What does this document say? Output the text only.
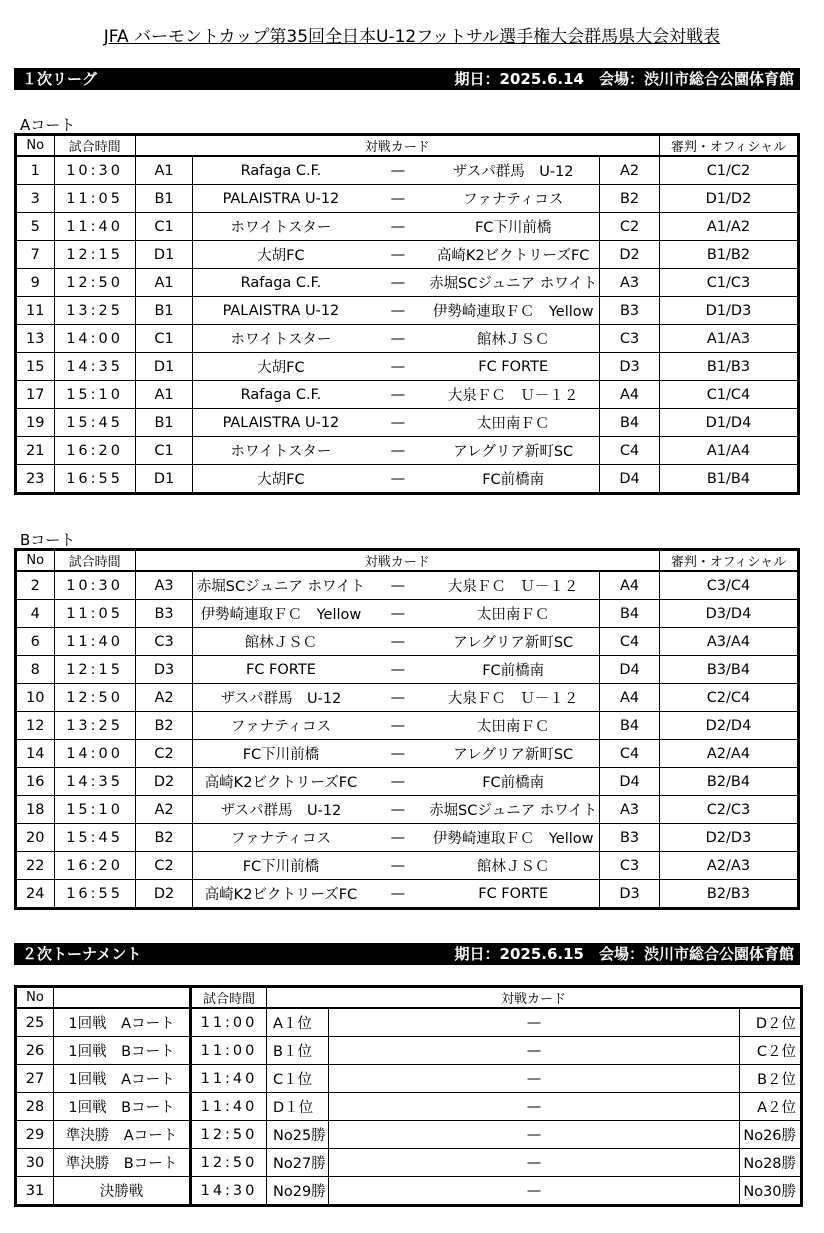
JFA バーモントカップ第35回全日本U-12フットサル選手権大会群馬県大会対戦表
１次リーグ	期日：2025.6.14　会場：渋川市総合公園体育館
Aコート
No	試合時間	対戦カード					審判・オフィシャル
1	10:30	A1	Rafaga C.F.	—	ザスパ群馬　U-12	A2	C1/C2
3	11:05	B1	PALAISTRA U-12	—	ファナティコス	B2	D1/D2
5	11:40	C1	ホワイトスター	—	FC下川前橋	C2	A1/A2
7	12:15	D1	大胡FC	—	高崎K2ビクトリーズFC	D2	B1/B2
9	12:50	A1	Rafaga C.F.	—	赤堀SCジュニア ホワイト	A3	C1/C3
11	13:25	B1	PALAISTRA U-12	—	伊勢崎連取ＦＣ　Yellow	B3	D1/D3
13	14:00	C1	ホワイトスター	—	館林ＪＳＣ	C3	A1/A3
15	14:35	D1	大胡FC	—	FC FORTE	D3	B1/B3
17	15:10	A1	Rafaga C.F.	—	大泉ＦＣ　Ｕ－１２	A4	C1/C4
19	15:45	B1	PALAISTRA U-12	—	太田南ＦＣ	B4	D1/D4
21	16:20	C1	ホワイトスター	—	アレグリア新町SC	C4	A1/A4
23	16:55	D1	大胡FC	—	FC前橋南	D4	B1/B4
Bコート
No	試合時間	対戦カード					審判・オフィシャル
2	10:30	A3	赤堀SCジュニア ホワイト	—	大泉ＦＣ　Ｕ－１２	A4	C3/C4
4	11:05	B3	伊勢崎連取ＦＣ　Yellow	—	太田南ＦＣ	B4	D3/D4
6	11:40	C3	館林ＪＳＣ	—	アレグリア新町SC	C4	A3/A4
8	12:15	D3	FC FORTE	—	FC前橋南	D4	B3/B4
10	12:50	A2	ザスパ群馬　U-12	—	大泉ＦＣ　Ｕ－１２	A4	C2/C4
12	13:25	B2	ファナティコス	—	太田南ＦＣ	B4	D2/D4
14	14:00	C2	FC下川前橋	—	アレグリア新町SC	C4	A2/A4
16	14:35	D2	高崎K2ビクトリーズFC	—	FC前橋南	D4	B2/B4
18	15:10	A2	ザスパ群馬　U-12	—	赤堀SCジュニア ホワイト	A3	C2/C3
20	15:45	B2	ファナティコス	—	伊勢崎連取ＦＣ　Yellow	B3	D2/D3
22	16:20	C2	FC下川前橋	—	館林ＪＳＣ	C3	A2/A3
24	16:55	D2	高崎K2ビクトリーズFC	—	FC FORTE	D3	B2/B3
２次トーナメント	期日：2025.6.15　会場：渋川市総合公園体育館
No		試合時間	対戦カード		
25	1回戦　Aコート	11:00	A１位	—	D２位
26	1回戦　Bコート	11:00	B１位	—	C２位
27	1回戦　Aコート	11:40	C１位	—	B２位
28	1回戦　Bコート	11:40	D１位	—	A２位
29	準決勝　Aコート	12:50	No25勝	—	No26勝
30	準決勝　Bコート	12:50	No27勝	—	No28勝
31	決勝戦	14:30	No29勝	—	No30勝
